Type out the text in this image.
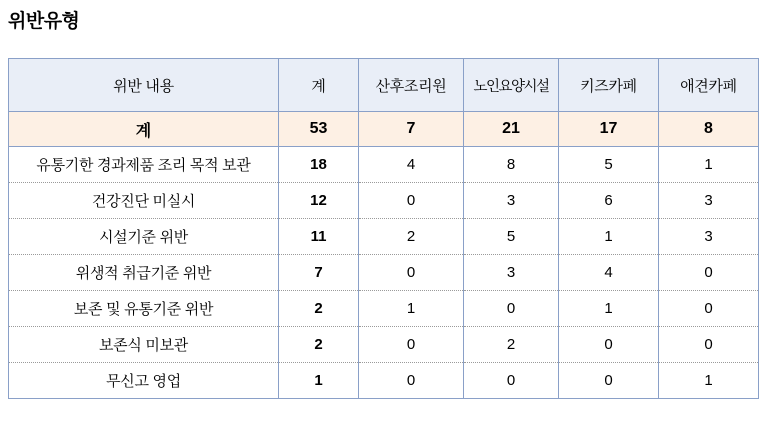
위반유형
위반 내용	계	산후조리원	노인요양시설	키즈카페	애견카페
계	53	7	21	17	8
유통기한 경과제품 조리 목적 보관	18	4	8	5	1
건강진단 미실시	12	0	3	6	3
시설기준 위반	11	2	5	1	3
위생적 취급기준 위반	7	0	3	4	0
보존 및 유통기준 위반	2	1	0	1	0
보존식 미보관	2	0	2	0	0
무신고 영업	1	0	0	0	1
